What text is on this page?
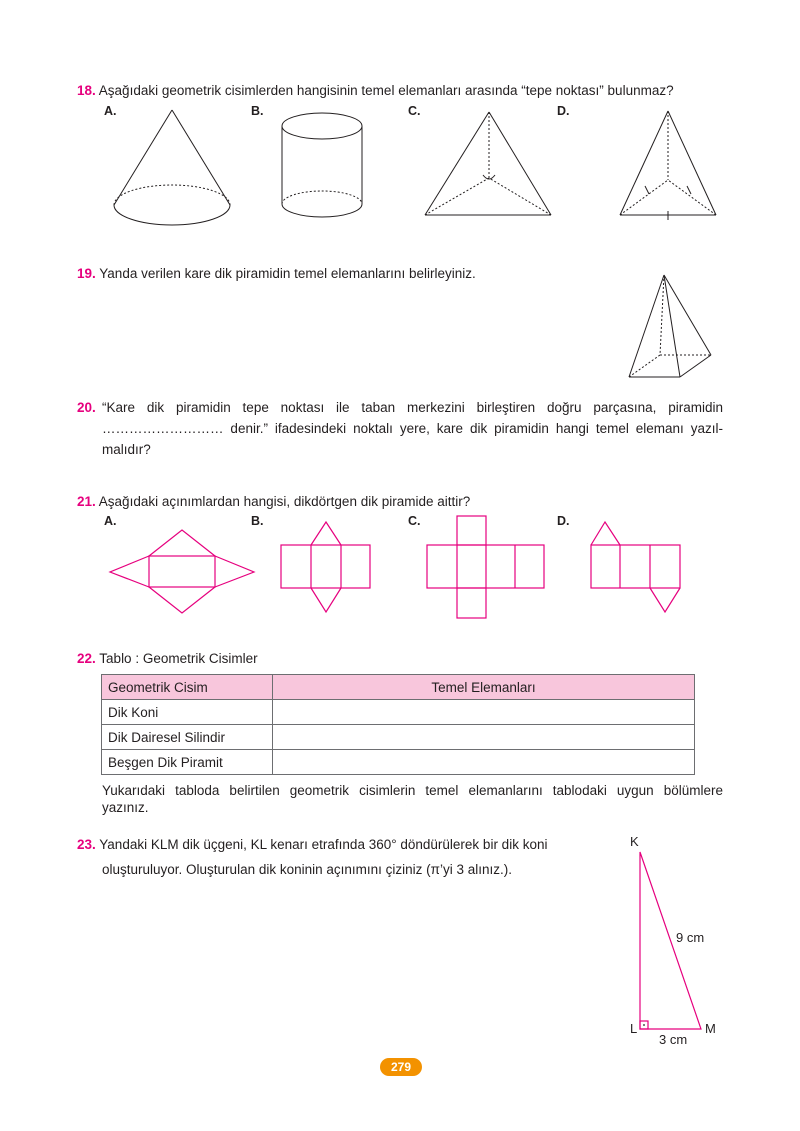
18. Aşağıdaki geometrik cisimlerden hangisinin temel elemanları arasında “tepe noktası” bulunmaz?
A.	B.	C.	D.
19. Yanda verilen kare dik piramidin temel elemanlarını belirleyiniz.
20. “Kare dik piramidin tepe noktası ile taban merkezini birleştiren doğru parçasına, piramidin
……………………… denir.” ifadesindeki noktalı yere, kare dik piramidin hangi temel elemanı yazıl-
malıdır?
21. Aşağıdaki açınımlardan hangisi, dikdörtgen dik piramide aittir?
A.	B.	C.	D.
22. Tablo : Geometrik Cisimler
Geometrik Cisim	Temel Elemanları
Dik Koni	
Dik Dairesel Silindir	
Beşgen Dik Piramit	
Yukarıdaki tabloda belirtilen geometrik cisimlerin temel elemanlarını tablodaki uygun bölümlere
yazınız.
23. Yandaki KLM dik üçgeni, KL kenarı etrafında 360° döndürülerek bir dik koni
oluşturuluyor. Oluşturulan dik koninin açınımını çiziniz (π’yi 3 alınız.).
K
9 cm
L	M
3 cm
279
